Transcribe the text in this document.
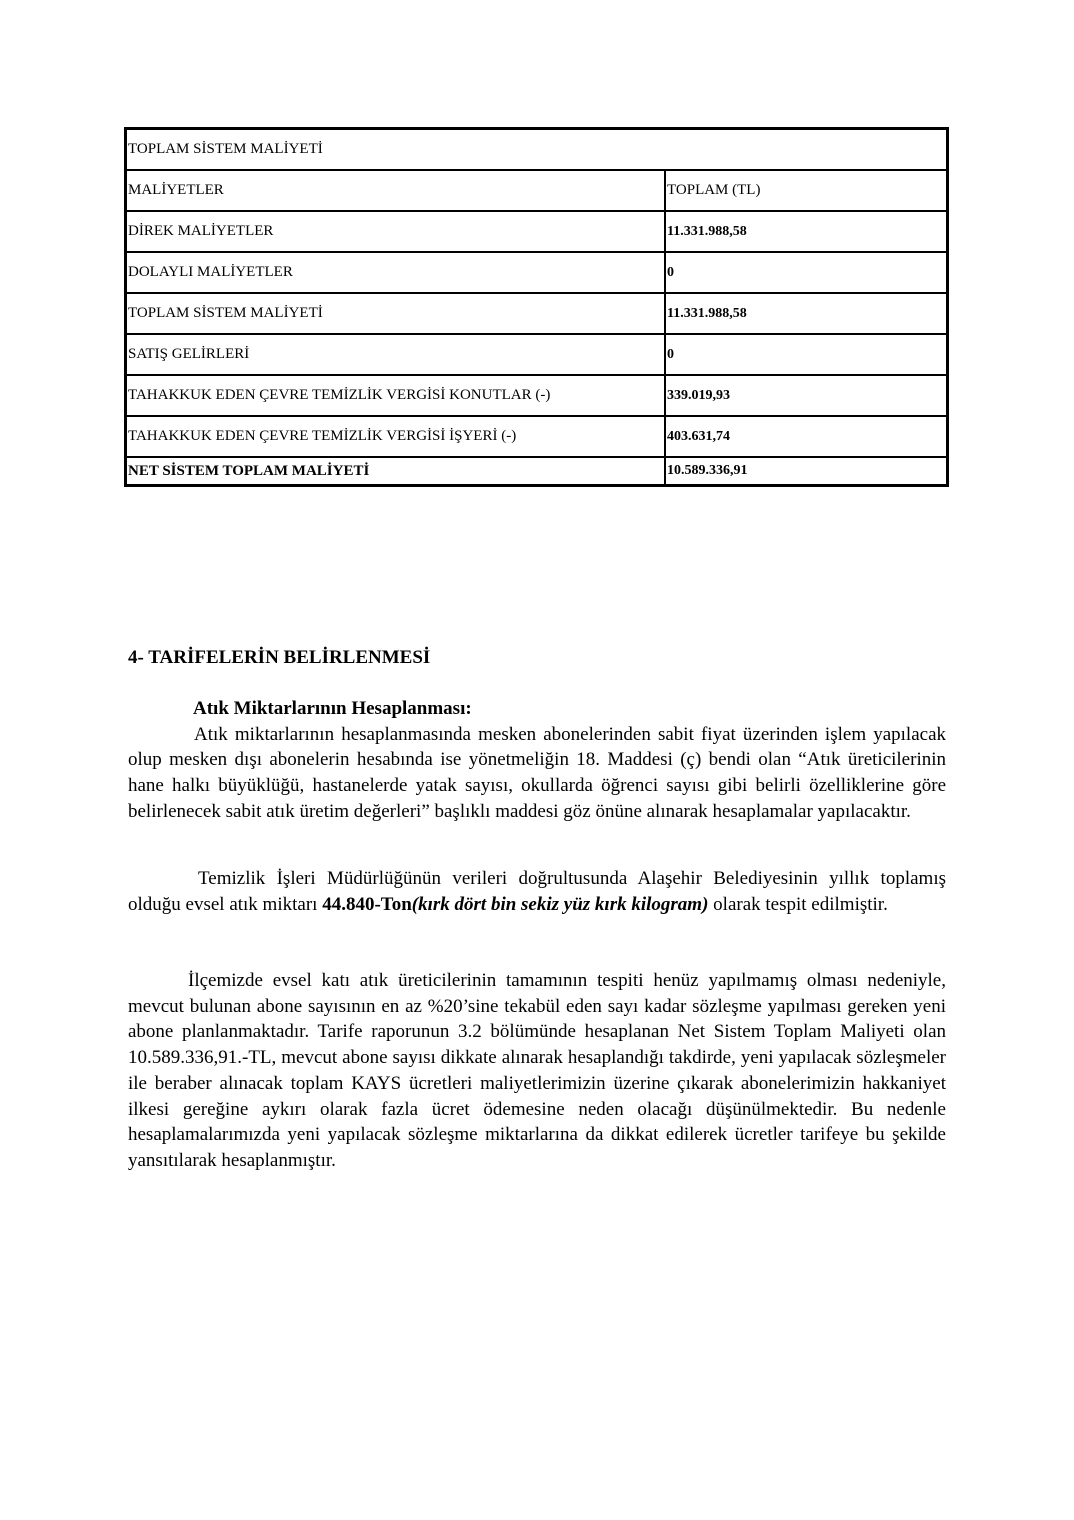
TOPLAM SİSTEM MALİYETİ	
MALİYETLER	TOPLAM (TL)
DİREK MALİYETLER	11.331.988,58
DOLAYLI MALİYETLER	0
TOPLAM SİSTEM MALİYETİ	11.331.988,58
SATIŞ GELİRLERİ	0
TAHAKKUK EDEN ÇEVRE TEMİZLİK VERGİSİ KONUTLAR (-)	339.019,93
TAHAKKUK EDEN ÇEVRE TEMİZLİK VERGİSİ İŞYERİ (-)	403.631,74
NET SİSTEM TOPLAM MALİYETİ	10.589.336,91
4- TARİFELERİN BELİRLENMESİ
Atık Miktarlarının Hesaplanması:
Atık miktarlarının hesaplanmasında mesken abonelerinden sabit fiyat üzerinden işlem yapılacak olup mesken dışı abonelerin hesabında ise yönetmeliğin 18. Maddesi (ç) bendi olan “Atık üreticilerinin hane halkı büyüklüğü, hastanelerde yatak sayısı, okullarda öğrenci sayısı gibi belirli özelliklerine göre belirlenecek sabit atık üretim değerleri” başlıklı maddesi göz önüne alınarak hesaplamalar yapılacaktır.
Temizlik İşleri Müdürlüğünün verileri doğrultusunda Alaşehir Belediyesinin yıllık toplamış olduğu evsel atık miktarı 44.840-Ton(kırk dört bin sekiz yüz kırk kilogram) olarak tespit edilmiştir.
İlçemizde evsel katı atık üreticilerinin tamamının tespiti henüz yapılmamış olması nedeniyle, mevcut bulunan abone sayısının en az %20’sine tekabül eden sayı kadar sözleşme yapılması gereken yeni abone planlanmaktadır. Tarife raporunun 3.2 bölümünde hesaplanan Net Sistem Toplam Maliyeti olan 10.589.336,91.-TL, mevcut abone sayısı dikkate alınarak hesaplandığı takdirde, yeni yapılacak sözleşmeler ile beraber alınacak toplam KAYS ücretleri maliyetlerimizin üzerine çıkarak abonelerimizin hakkaniyet ilkesi gereğine aykırı olarak fazla ücret ödemesine neden olacağı düşünülmektedir. Bu nedenle hesaplamalarımızda yeni yapılacak sözleşme miktarlarına da dikkat edilerek ücretler tarifeye bu şekilde yansıtılarak hesaplanmıştır.
